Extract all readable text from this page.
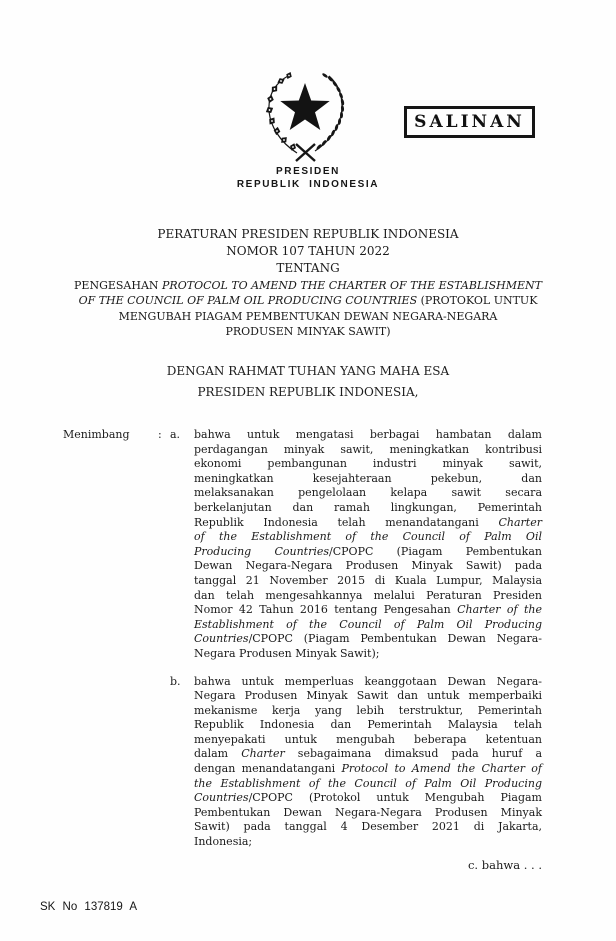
SALINAN
PRESIDEN
REPUBLIK INDONESIA
PERATURAN PRESIDEN REPUBLIK INDONESIA
NOMOR 107 TAHUN 2022
TENTANG
PENGESAHAN PROTOCOL TO AMEND THE CHARTER OF THE ESTABLISHMENT
OF THE COUNCIL OF PALM OIL PRODUCING COUNTRIES (PROTOKOL UNTUK
MENGUBAH PIAGAM PEMBENTUKAN DEWAN NEGARA-NEGARA
PRODUSEN MINYAK SAWIT)
DENGAN RAHMAT TUHAN YANG MAHA ESA
PRESIDEN REPUBLIK INDONESIA,
Menimbang	: a.	bahwa untuk mengatasi berbagai hambatan dalam
perdagangan minyak sawit, meningkatkan kontribusi
ekonomi pembangunan industri minyak sawit,
meningkatkan kesejahteraan pekebun, dan
melaksanakan pengelolaan kelapa sawit secara
berkelanjutan dan ramah lingkungan, Pemerintah
Republik Indonesia telah menandatangani Charter
of the Establishment of the Council of Palm Oil
Producing Countries/CPOPC (Piagam Pembentukan
Dewan Negara-Negara Produsen Minyak Sawit) pada
tanggal 21 November 2015 di Kuala Lumpur, Malaysia
dan telah mengesahkannya melalui Peraturan Presiden
Nomor 42 Tahun 2016 tentang Pengesahan Charter of the
Establishment of the Council of Palm Oil Producing
Countries/CPOPC (Piagam Pembentukan Dewan Negara-
Negara Produsen Minyak Sawit);
b.	bahwa untuk memperluas keanggotaan Dewan Negara-
Negara Produsen Minyak Sawit dan untuk memperbaiki
mekanisme kerja yang lebih terstruktur, Pemerintah
Republik Indonesia dan Pemerintah Malaysia telah
menyepakati untuk mengubah beberapa ketentuan
dalam Charter sebagaimana dimaksud pada huruf a
dengan menandatangani Protocol to Amend the Charter of
the Establishment of the Council of Palm Oil Producing
Countries/CPOPC (Protokol untuk Mengubah Piagam
Pembentukan Dewan Negara-Negara Produsen Minyak
Sawit) pada tanggal 4 Desember 2021 di Jakarta,
Indonesia;
c. bahwa . . .
SK No 137819 A
